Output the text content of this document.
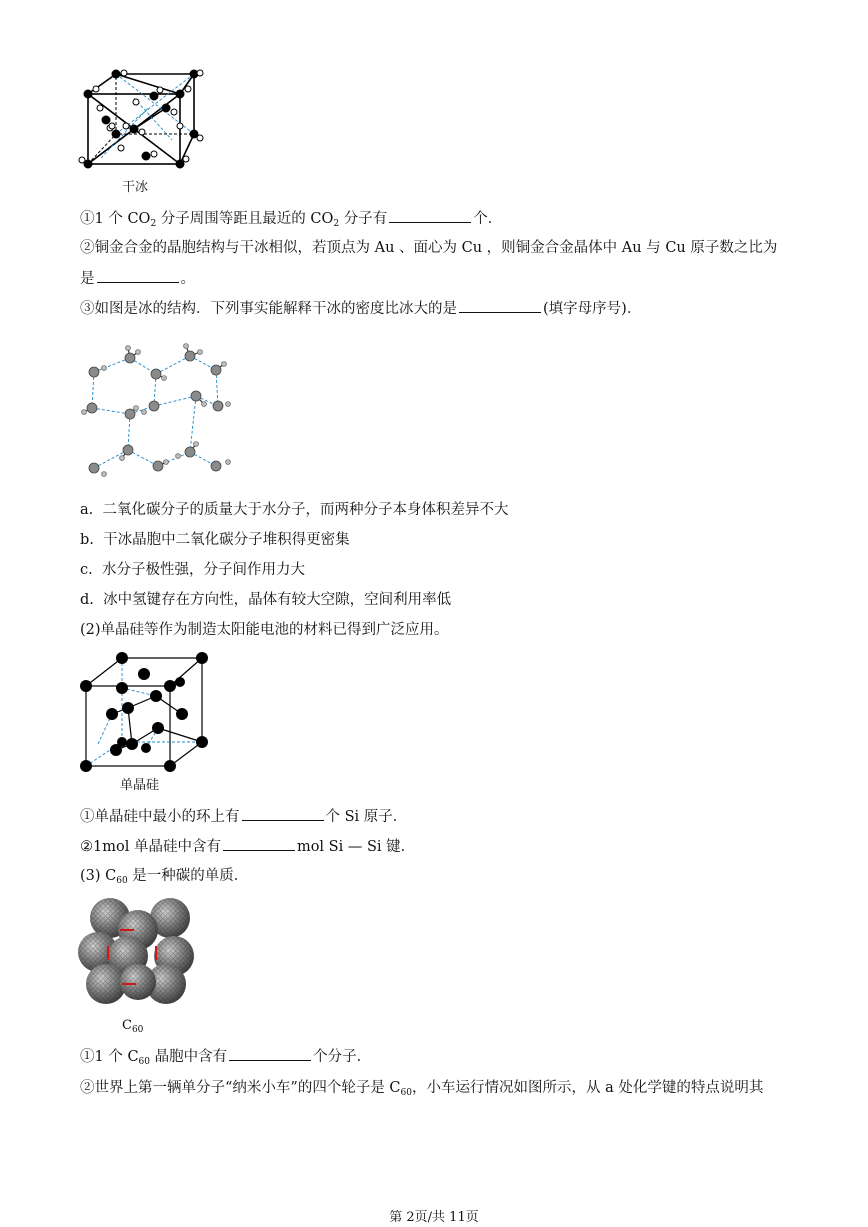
干冰
①1 个 $CO_2$ 分子周围等距且最近的 $CO_2$ 分子有	个．
②铜金合金的晶胞结构与干冰相似，若顶点为 Au 、面心为 Cu ，则铜金合金晶体中 Au 与 Cu 原子数之比为
是	。
③如图是冰的结构．下列事实能解释干冰的密度比冰大的是	(填字母序号)．
a. 二氧化碳分子的质量大于水分子，而两种分子本身体积差异不大
b. 干冰晶胞中二氧化碳分子堆积得更密集
c. 水分子极性强，分子间作用力大
d. 冰中氢键存在方向性，晶体有较大空隙，空间利用率低
(2)单晶硅等作为制造太阳能电池的材料已得到广泛应用。
单晶硅
①单晶硅中最小的环上有	个 Si 原子．
②1mol 单晶硅中含有	mol Si — Si 键．
(3) $C_{60}$ 是一种碳的单质．
$C_{60}$
①1 个 $C_{60}$ 晶胞中含有	个分子．
②世界上第一辆单分子“纳米小车”的四个轮子是 $C_{60}$，小车运行情况如图所示，从 a 处化学键的特点说明其
第 2页/共 11页
